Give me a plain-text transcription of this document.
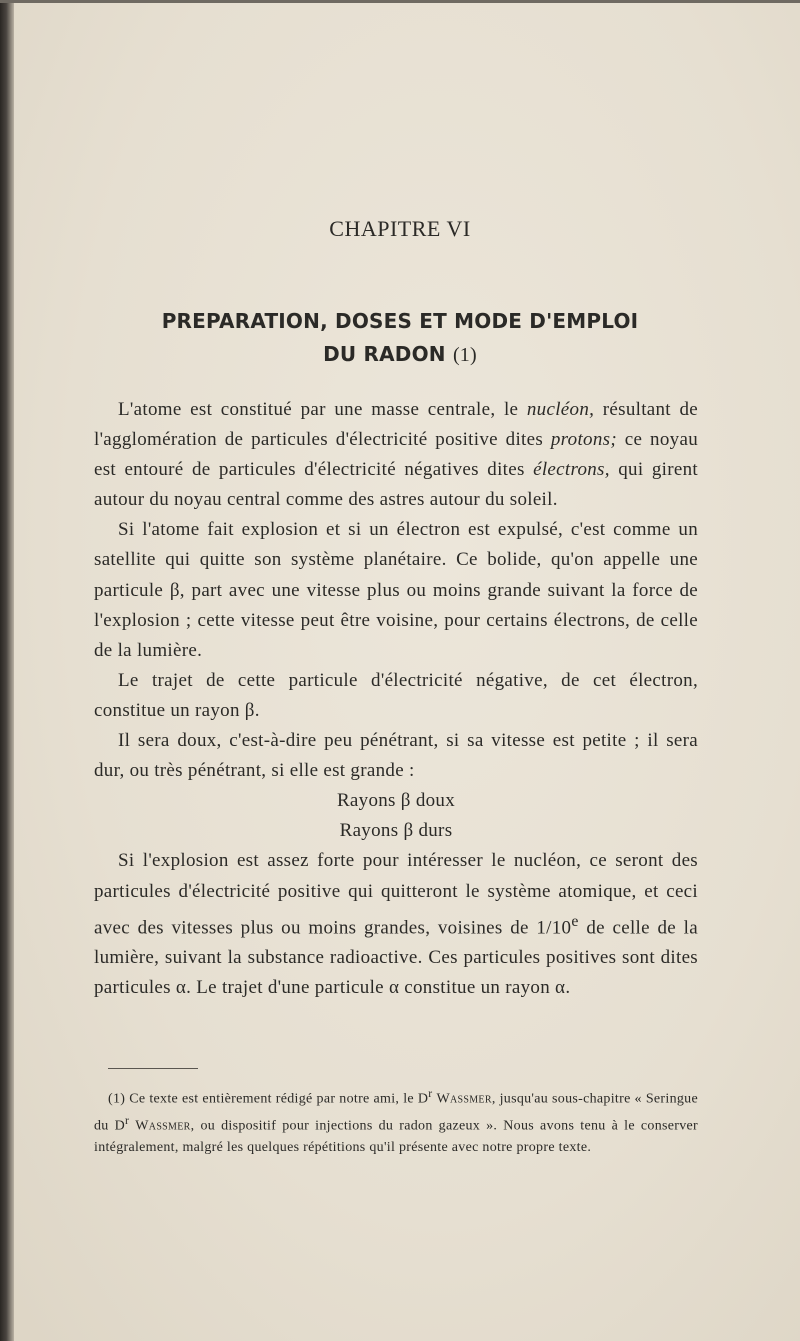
CHAPITRE VI
PREPARATION, DOSES ET MODE D'EMPLOI
DU RADON (1)

L'atome est constitué par une masse centrale, le nucléon, résultant de l'agglomération de particules d'électricité positive dites protons; ce noyau est entouré de particules d'électricité négatives dites électrons, qui girent autour du noyau central comme des astres autour du soleil.

Si l'atome fait explosion et si un électron est expulsé, c'est comme un satellite qui quitte son système planétaire. Ce bolide, qu'on appelle une particule β, part avec une vitesse plus ou moins grande suivant la force de l'explosion ; cette vitesse peut être voisine, pour certains électrons, de celle de la lumière.

Le trajet de cette particule d'électricité négative, de cet électron, constitue un rayon β.

Il sera doux, c'est-à-dire peu pénétrant, si sa vitesse est petite ; il sera dur, ou très pénétrant, si elle est grande :

Rayons β doux

Rayons β durs

Si l'explosion est assez forte pour intéresser le nucléon, ce seront des particules d'électricité positive qui quitteront le système atomique, et ceci avec des vitesses plus ou moins grandes, voisines de 1/10e de celle de la lumière, suivant la substance radioactive. Ces particules positives sont dites particules α. Le trajet d'une particule α constitue un rayon α.

(1) Ce texte est entièrement rédigé par notre ami, le $D^r$ Wassmer, jusqu'au sous-chapitre « Seringue du $D^r$ Wassmer, ou dispositif pour injections du radon gazeux ». Nous avons tenu à le conserver intégralement, malgré les quelques répétitions qu'il présente avec notre propre texte.
